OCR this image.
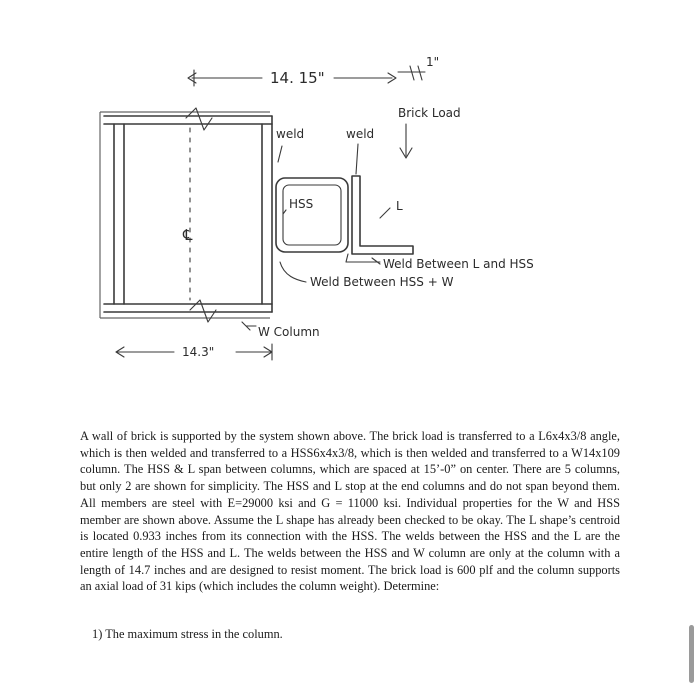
℄
14. 15"
1"
HSS	L
weld	weld
Brick Load
Weld Between L and HSS
Weld Between HSS + W
W Column
14.3"

A wall of brick is supported by the system shown above. The brick load is transferred to a L6x4x3/8 angle, which is then welded and transferred to a HSS6x4x3/8, which is then welded and transferred to a W14x109 column. The HSS & L span between columns, which are spaced at 15’-0” on center. There are 5 columns, but only 2 are shown for simplicity. The HSS and L stop at the end columns and do not span beyond them. All members are steel with E=29000 ksi and G = 11000 ksi. Individual properties for the W and HSS member are shown above. Assume the L shape has already been checked to be okay. The L shape’s centroid is located 0.933 inches from its connection with the HSS. The welds between the HSS and the L are the entire length of the HSS and L. The welds between the HSS and W column are only at the column with a length of 14.7 inches and are designed to resist moment. The brick load is 600 plf and the column supports an axial load of 31 kips (which includes the column weight). Determine:

1) The maximum stress in the column.
